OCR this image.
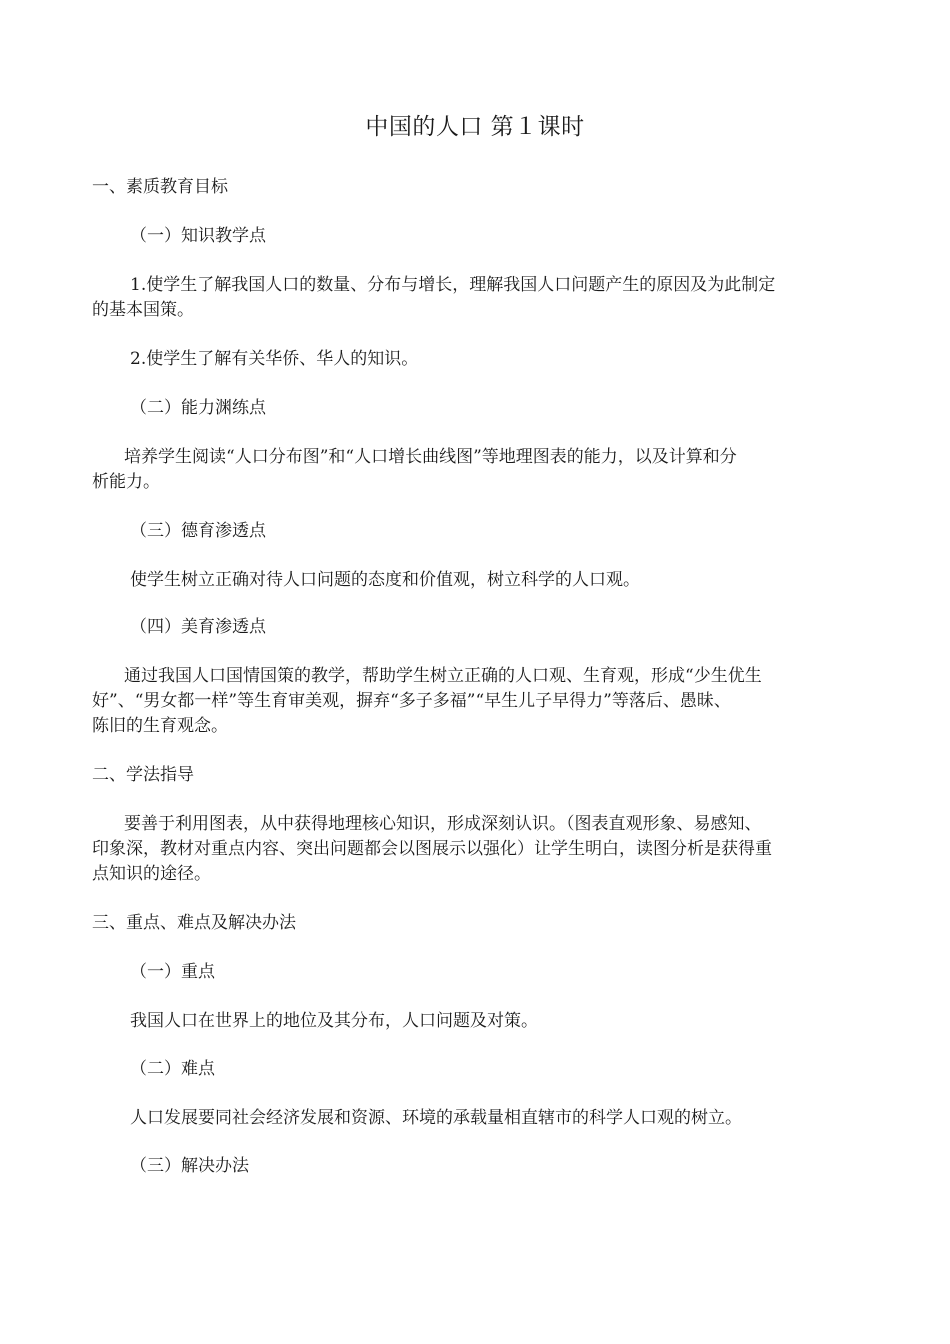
中国的人口 第１课时
一、素质教育目标
（一）知识教学点
1.使学生了解我国人口的数量、分布与增长，理解我国人口问题产生的原因及为此制定
的基本国策。
2.使学生了解有关华侨、华人的知识。
（二）能力渊练点
培养学生阅读“人口分布图”和“人口增长曲线图”等地理图表的能力，以及计算和分
析能力。
（三）德育渗透点
使学生树立正确对待人口问题的态度和价值观，树立科学的人口观。
（四）美育渗透点
通过我国人口国情国策的教学，帮助学生树立正确的人口观、生育观，形成“少生优生
好”、“男女都一样”等生育审美观，摒弃“多子多福”“早生儿子早得力”等落后、愚昧、
陈旧的生育观念。
二、学法指导
要善于利用图表，从中获得地理核心知识，形成深刻认识。（图表直观形象、易感知、
印象深，教材对重点内容、突出问题都会以图展示以强化）让学生明白，读图分析是获得重
点知识的途径。
三、重点、难点及解决办法
（一）重点
我国人口在世界上的地位及其分布，人口问题及对策。
（二）难点
人口发展要同社会经济发展和资源、环境的承载量相直辖市的科学人口观的树立。
（三）解决办法
